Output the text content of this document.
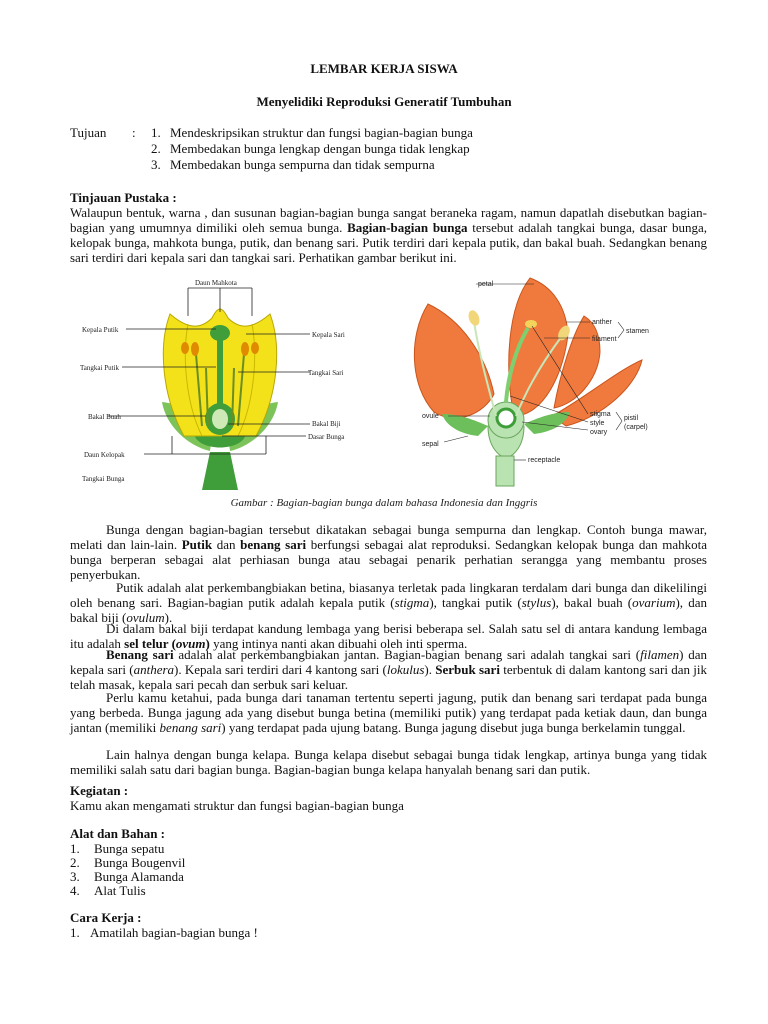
LEMBAR KERJA SISWA
Menyelidiki Reproduksi Generatif Tumbuhan
Tujuan : 1. Mendeskripsikan struktur dan fungsi bagian-bagian bunga
2. Membedakan bunga lengkap dengan bunga tidak lengkap
3. Membedakan bunga sempurna dan tidak sempurna
Tinjauan Pustaka :

Walaupun bentuk, warna , dan susunan bagian-bagian bunga sangat beraneka ragam, namun dapatlah disebutkan bagian-bagian yang umumnya dimiliki oleh semua bunga. Bagian-bagian bunga tersebut adalah tangkai bunga, dasar bunga, kelopak bunga, mahkota bunga, putik, dan benang sari. Putik terdiri dari kepala putik, dan bakal buah. Sedangkan benang sari terdiri dari kepala sari dan tangkai sari. Perhatikan gambar berikut ini.

Daun Mahkota
Kepala Putik
Tangkai Putik
Bakal Buah
Daun Kelopak
Tangkai Bunga
Kepala Sari
Tangkai Sari
Bakal Biji
Dasar Bunga
petal
anther
filament
stamen
ovule
sepal
stigma
style
ovary
pistil
(carpel)
receptacle
Gambar : Bagian-bagian bunga dalam bahasa Indonesia dan Inggris

Bunga dengan bagian-bagian tersebut dikatakan sebagai bunga sempurna dan lengkap. Contoh bunga mawar, melati dan lain-lain. Putik dan benang sari berfungsi sebagai alat reproduksi. Sedangkan kelopak bunga dan mahkota bunga berperan sebagai alat perhiasan bunga atau sebagai penarik perhatian serangga yang membantu proses penyerbukan.

Putik adalah alat perkembangbiakan betina, biasanya terletak pada lingkaran terdalam dari bunga dan dikelilingi oleh benang sari. Bagian-bagian putik adalah kepala putik (stigma), tangkai putik (stylus), bakal buah (ovarium), dan bakal biji (ovulum).

Di dalam bakal biji terdapat kandung lembaga yang berisi beberapa sel. Salah satu sel di antara kandung lembaga itu adalah sel telur (ovum) yang intinya nanti akan dibuahi oleh inti sperma.

Benang sari adalah alat perkembangbiakan jantan. Bagian-bagian benang sari adalah tangkai sari (filamen) dan kepala sari (anthera). Kepala sari terdiri dari 4 kantong sari (lokulus). Serbuk sari terbentuk di dalam kantong sari dan jik telah masak, kepala sari pecah dan serbuk sari keluar.

Perlu kamu ketahui, pada bunga dari tanaman tertentu seperti jagung, putik dan benang sari terdapat pada bunga yang berbeda. Bunga jagung ada yang disebut bunga betina (memiliki putik) yang terdapat pada ketiak daun, dan bunga jantan (memiliki benang sari) yang terdapat pada ujung batang. Bunga jagung disebut juga bunga berkelamin tunggal.

Lain halnya dengan bunga kelapa. Bunga kelapa disebut sebagai bunga tidak lengkap, artinya bunga yang tidak memiliki salah satu dari bagian bunga. Bagian-bagian bunga kelapa hanyalah benang sari dan putik.

Kegiatan :
Kamu akan mengamati struktur dan fungsi bagian-bagian bunga
Alat dan Bahan :
1. Bunga sepatu
2. Bunga Bougenvil
3. Bunga Alamanda
4. Alat Tulis
Cara Kerja :
1. Amatilah bagian-bagian bunga !
